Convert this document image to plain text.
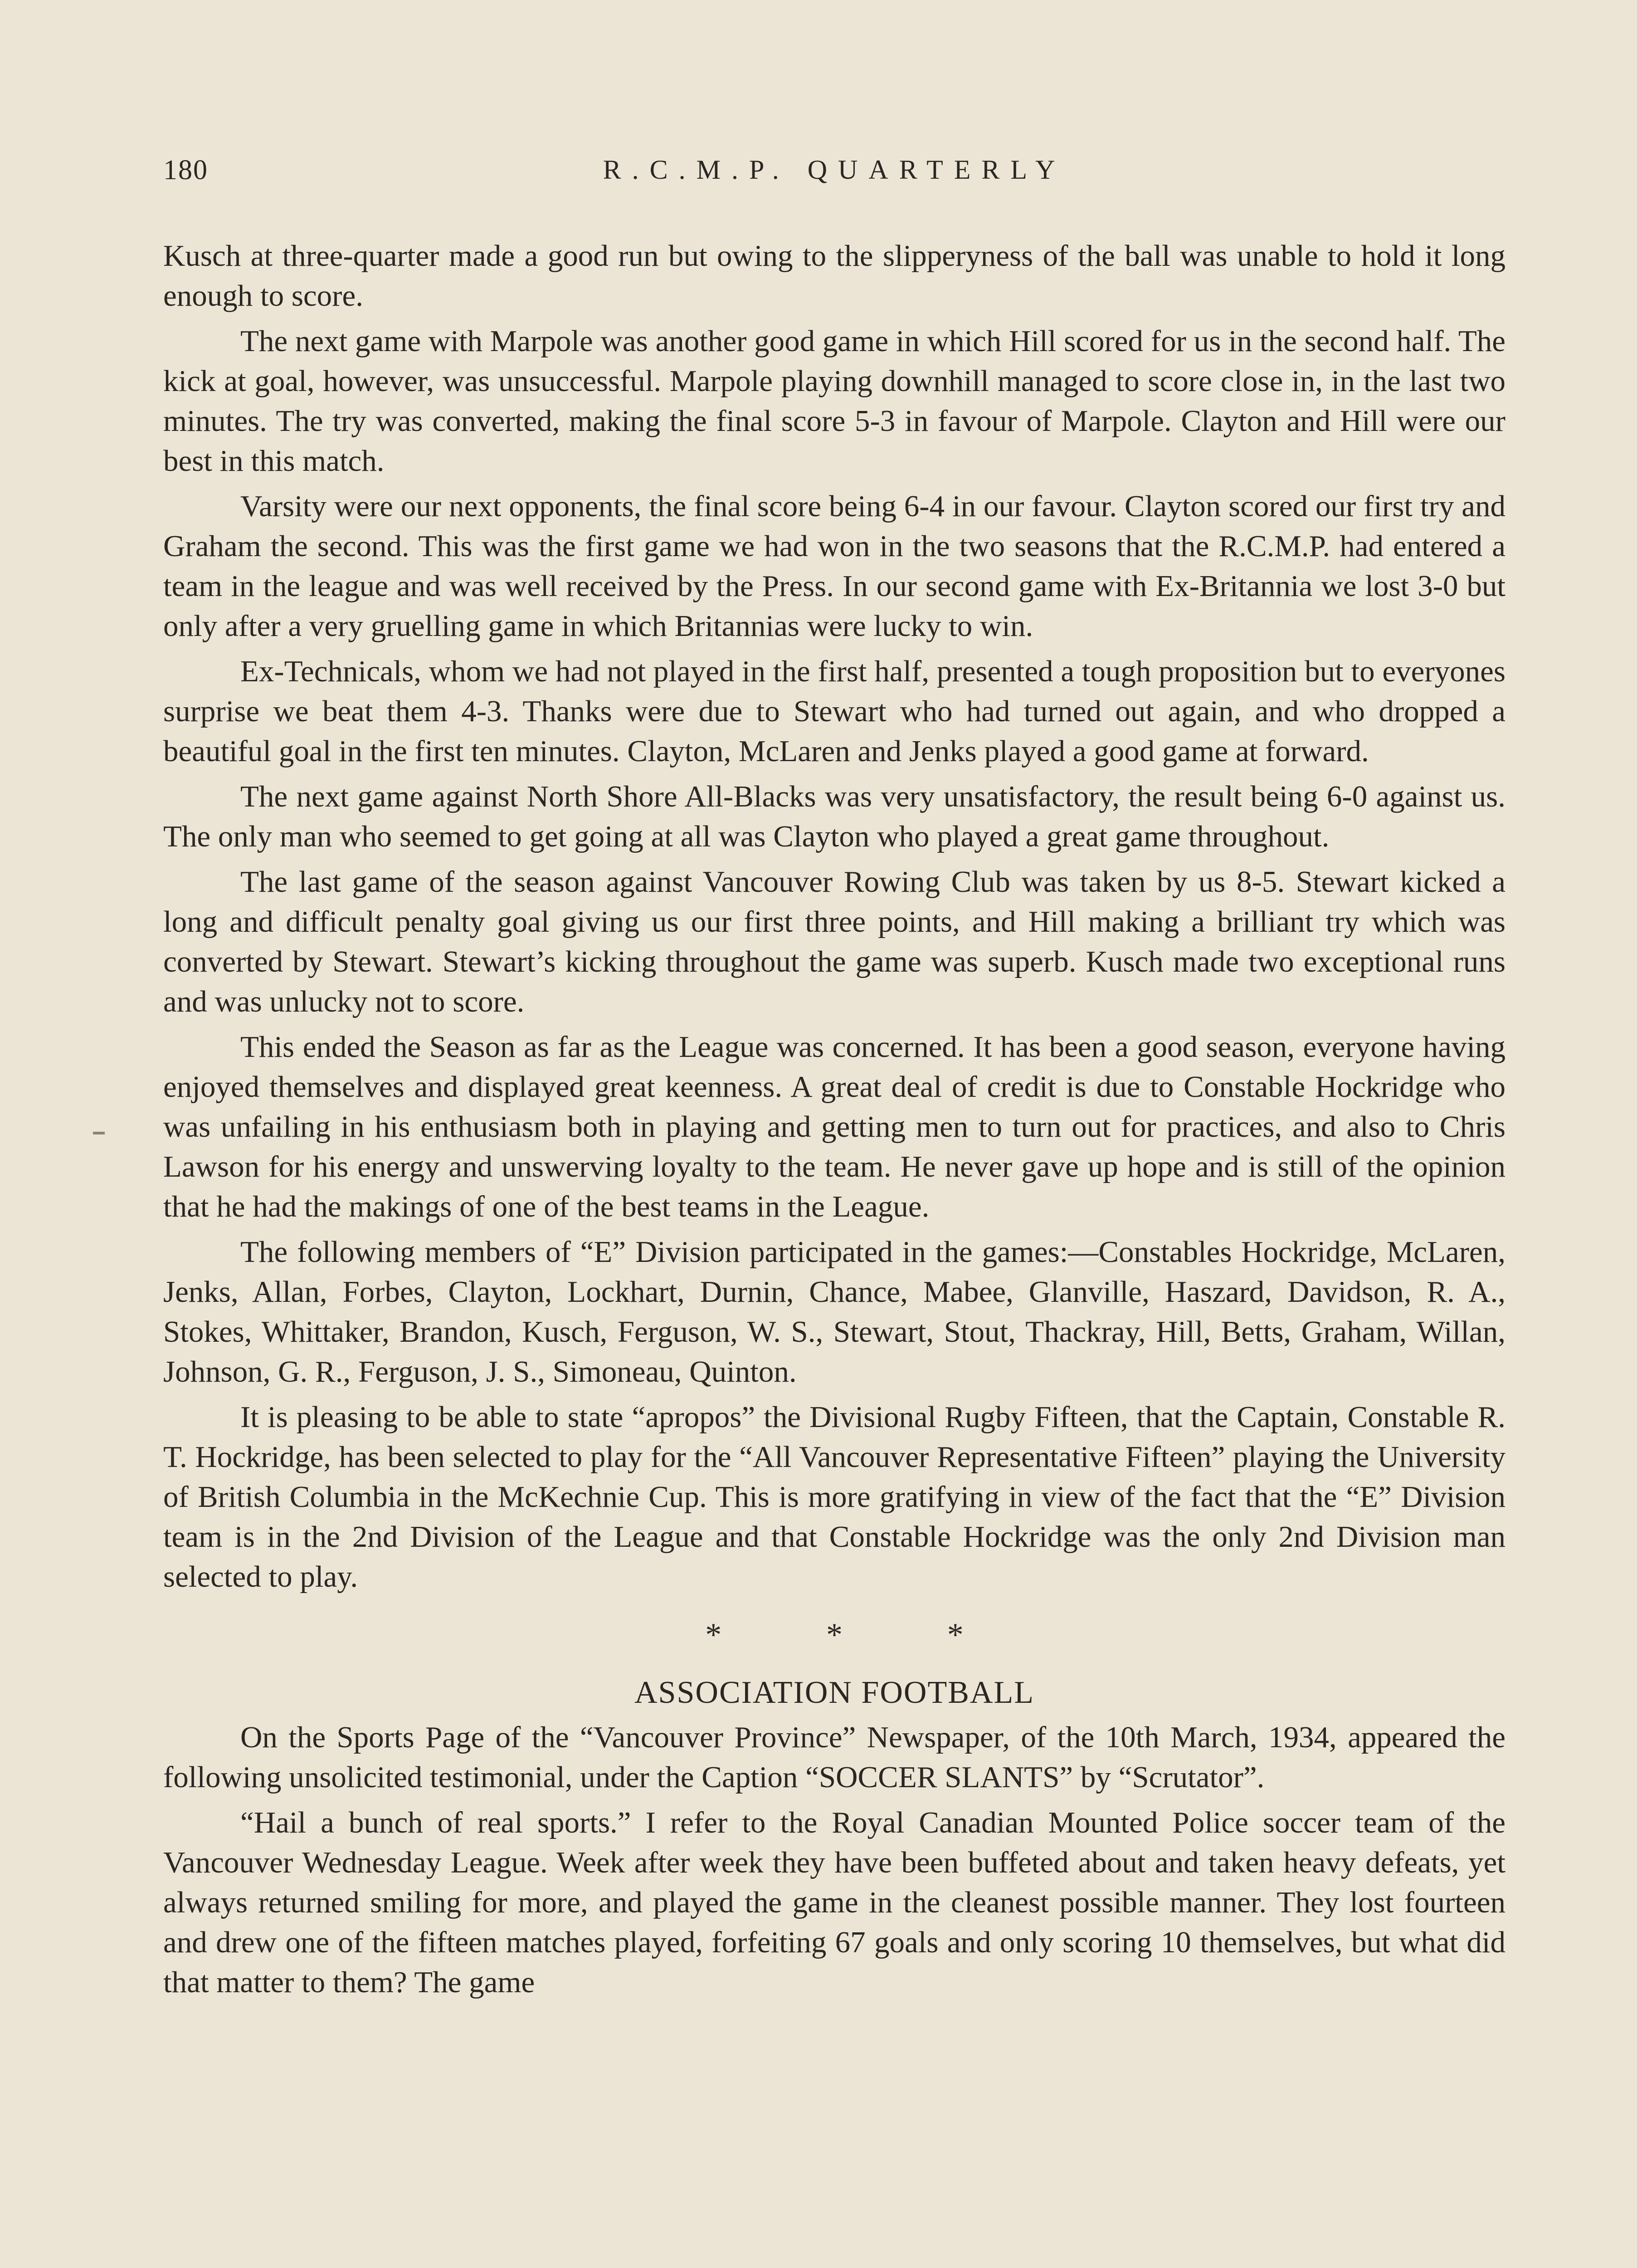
180	R.C.M.P. QUARTERLY

Kusch at three-quarter made a good run but owing to the slipperyness of the ball was unable to hold it long enough to score.

The next game with Marpole was another good game in which Hill scored for us in the second half. The kick at goal, however, was unsuccessful. Marpole playing downhill managed to score close in, in the last two minutes. The try was converted, making the final score 5-3 in favour of Marpole. Clayton and Hill were our best in this match.

Varsity were our next opponents, the final score being 6-4 in our favour. Clayton scored our first try and Graham the second. This was the first game we had won in the two seasons that the R.C.M.P. had entered a team in the league and was well received by the Press. In our second game with Ex-Britannia we lost 3-0 but only after a very gruelling game in which Britannias were lucky to win.

Ex-Technicals, whom we had not played in the first half, presented a tough proposition but to everyones surprise we beat them 4-3. Thanks were due to Stewart who had turned out again, and who dropped a beautiful goal in the first ten minutes. Clayton, McLaren and Jenks played a good game at forward.

The next game against North Shore All-Blacks was very unsatisfactory, the result being 6-0 against us. The only man who seemed to get going at all was Clayton who played a great game throughout.

The last game of the season against Vancouver Rowing Club was taken by us 8-5. Stewart kicked a long and difficult penalty goal giving us our first three points, and Hill making a brilliant try which was converted by Stewart. Stewart’s kicking throughout the game was superb. Kusch made two exceptional runs and was unlucky not to score.

This ended the Season as far as the League was concerned. It has been a good season, everyone having enjoyed themselves and displayed great keenness. A great deal of credit is due to Constable Hockridge who was unfailing in his enthusiasm both in playing and getting men to turn out for practices, and also to Chris Lawson for his energy and unswerving loyalty to the team. He never gave up hope and is still of the opinion that he had the makings of one of the best teams in the League.

The following members of “E” Division participated in the games:—Constables Hockridge, McLaren, Jenks, Allan, Forbes, Clayton, Lockhart, Durnin, Chance, Mabee, Glanville, Haszard, Davidson, R. A., Stokes, Whittaker, Brandon, Kusch, Ferguson, W. S., Stewart, Stout, Thackray, Hill, Betts, Graham, Willan, Johnson, G. R., Ferguson, J. S., Simoneau, Quinton.

It is pleasing to be able to state “apropos” the Divisional Rugby Fifteen, that the Captain, Constable R. T. Hockridge, has been selected to play for the “All Vancouver Representative Fifteen” playing the University of British Columbia in the McKechnie Cup. This is more gratifying in view of the fact that the “E” Division team is in the 2nd Division of the League and that Constable Hockridge was the only 2nd Division man selected to play.

*	*	*
ASSOCIATION FOOTBALL

On the Sports Page of the “Vancouver Province” Newspaper, of the 10th March, 1934, appeared the following unsolicited testimonial, under the Caption “SOCCER SLANTS” by “Scrutator”.

“Hail a bunch of real sports.” I refer to the Royal Canadian Mounted Police soccer team of the Vancouver Wednesday League. Week after week they have been buffeted about and taken heavy defeats, yet always returned smiling for more, and played the game in the cleanest possible manner. They lost fourteen and drew one of the fifteen matches played, forfeiting 67 goals and only scoring 10 themselves, but what did that matter to them? The game
